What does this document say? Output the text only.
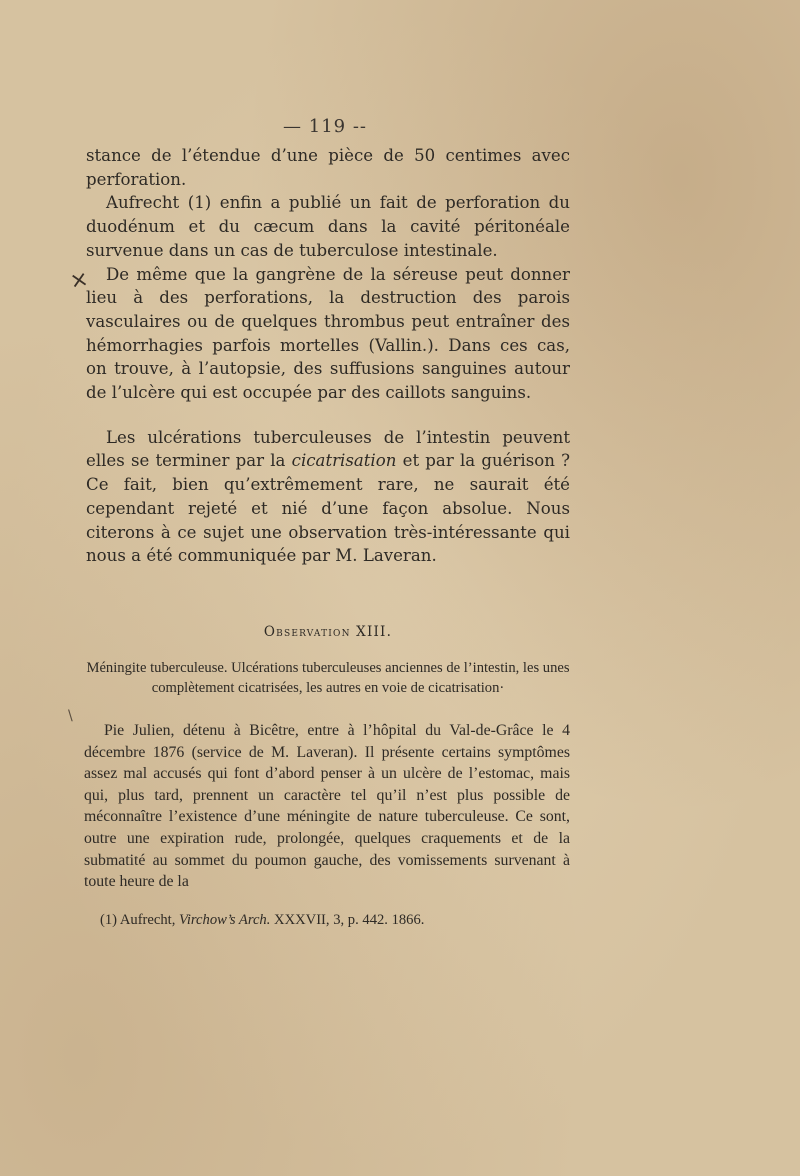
— 119 --
⨯
\

stance de l’étendue d’une pièce de 50 centimes avec perforation.

Aufrecht (1) enfin a publié un fait de perforation du duodénum et du cæcum dans la cavité péritonéale survenue dans un cas de tuberculose intestinale.

De même que la gangrène de la séreuse peut donner lieu à des perforations, la destruction des parois vasculaires ou de quelques thrombus peut entraîner des hémorrhagies parfois mortelles (Vallin.). Dans ces cas, on trouve, à l’autopsie, des suffusions sanguines autour de l’ulcère qui est occupée par des caillots sanguins.

Les ulcérations tuberculeuses de l’intestin peuvent elles se terminer par la cicatrisation et par la guérison ? Ce fait, bien qu’extrêmement rare, ne saurait été cependant rejeté et nié d’une façon absolue. Nous citerons à ce sujet une observation très-intéressante qui nous a été communiquée par M. Laveran.

Observation XIII.
Méningite tuberculeuse. Ulcérations tuberculeuses anciennes de l’intestin, les unes complètement cicatrisées, les autres en voie de cicatrisation·

Pie Julien, détenu à Bicêtre, entre à l’hôpital du Val-de-Grâce le 4 décembre 1876 (service de M. Laveran). Il présente certains symptômes assez mal accusés qui font d’abord penser à un ulcère de l’estomac, mais qui, plus tard, prennent un caractère tel qu’il n’est plus possible de méconnaître l’existence d’une méningite de nature tuberculeuse. Ce sont, outre une expiration rude, prolongée, quelques craquements et de la submatité au sommet du poumon gauche, des vomissements survenant à toute heure de la

(1) Aufrecht, Virchow’s Arch. XXXVII, 3, p. 442. 1866.
